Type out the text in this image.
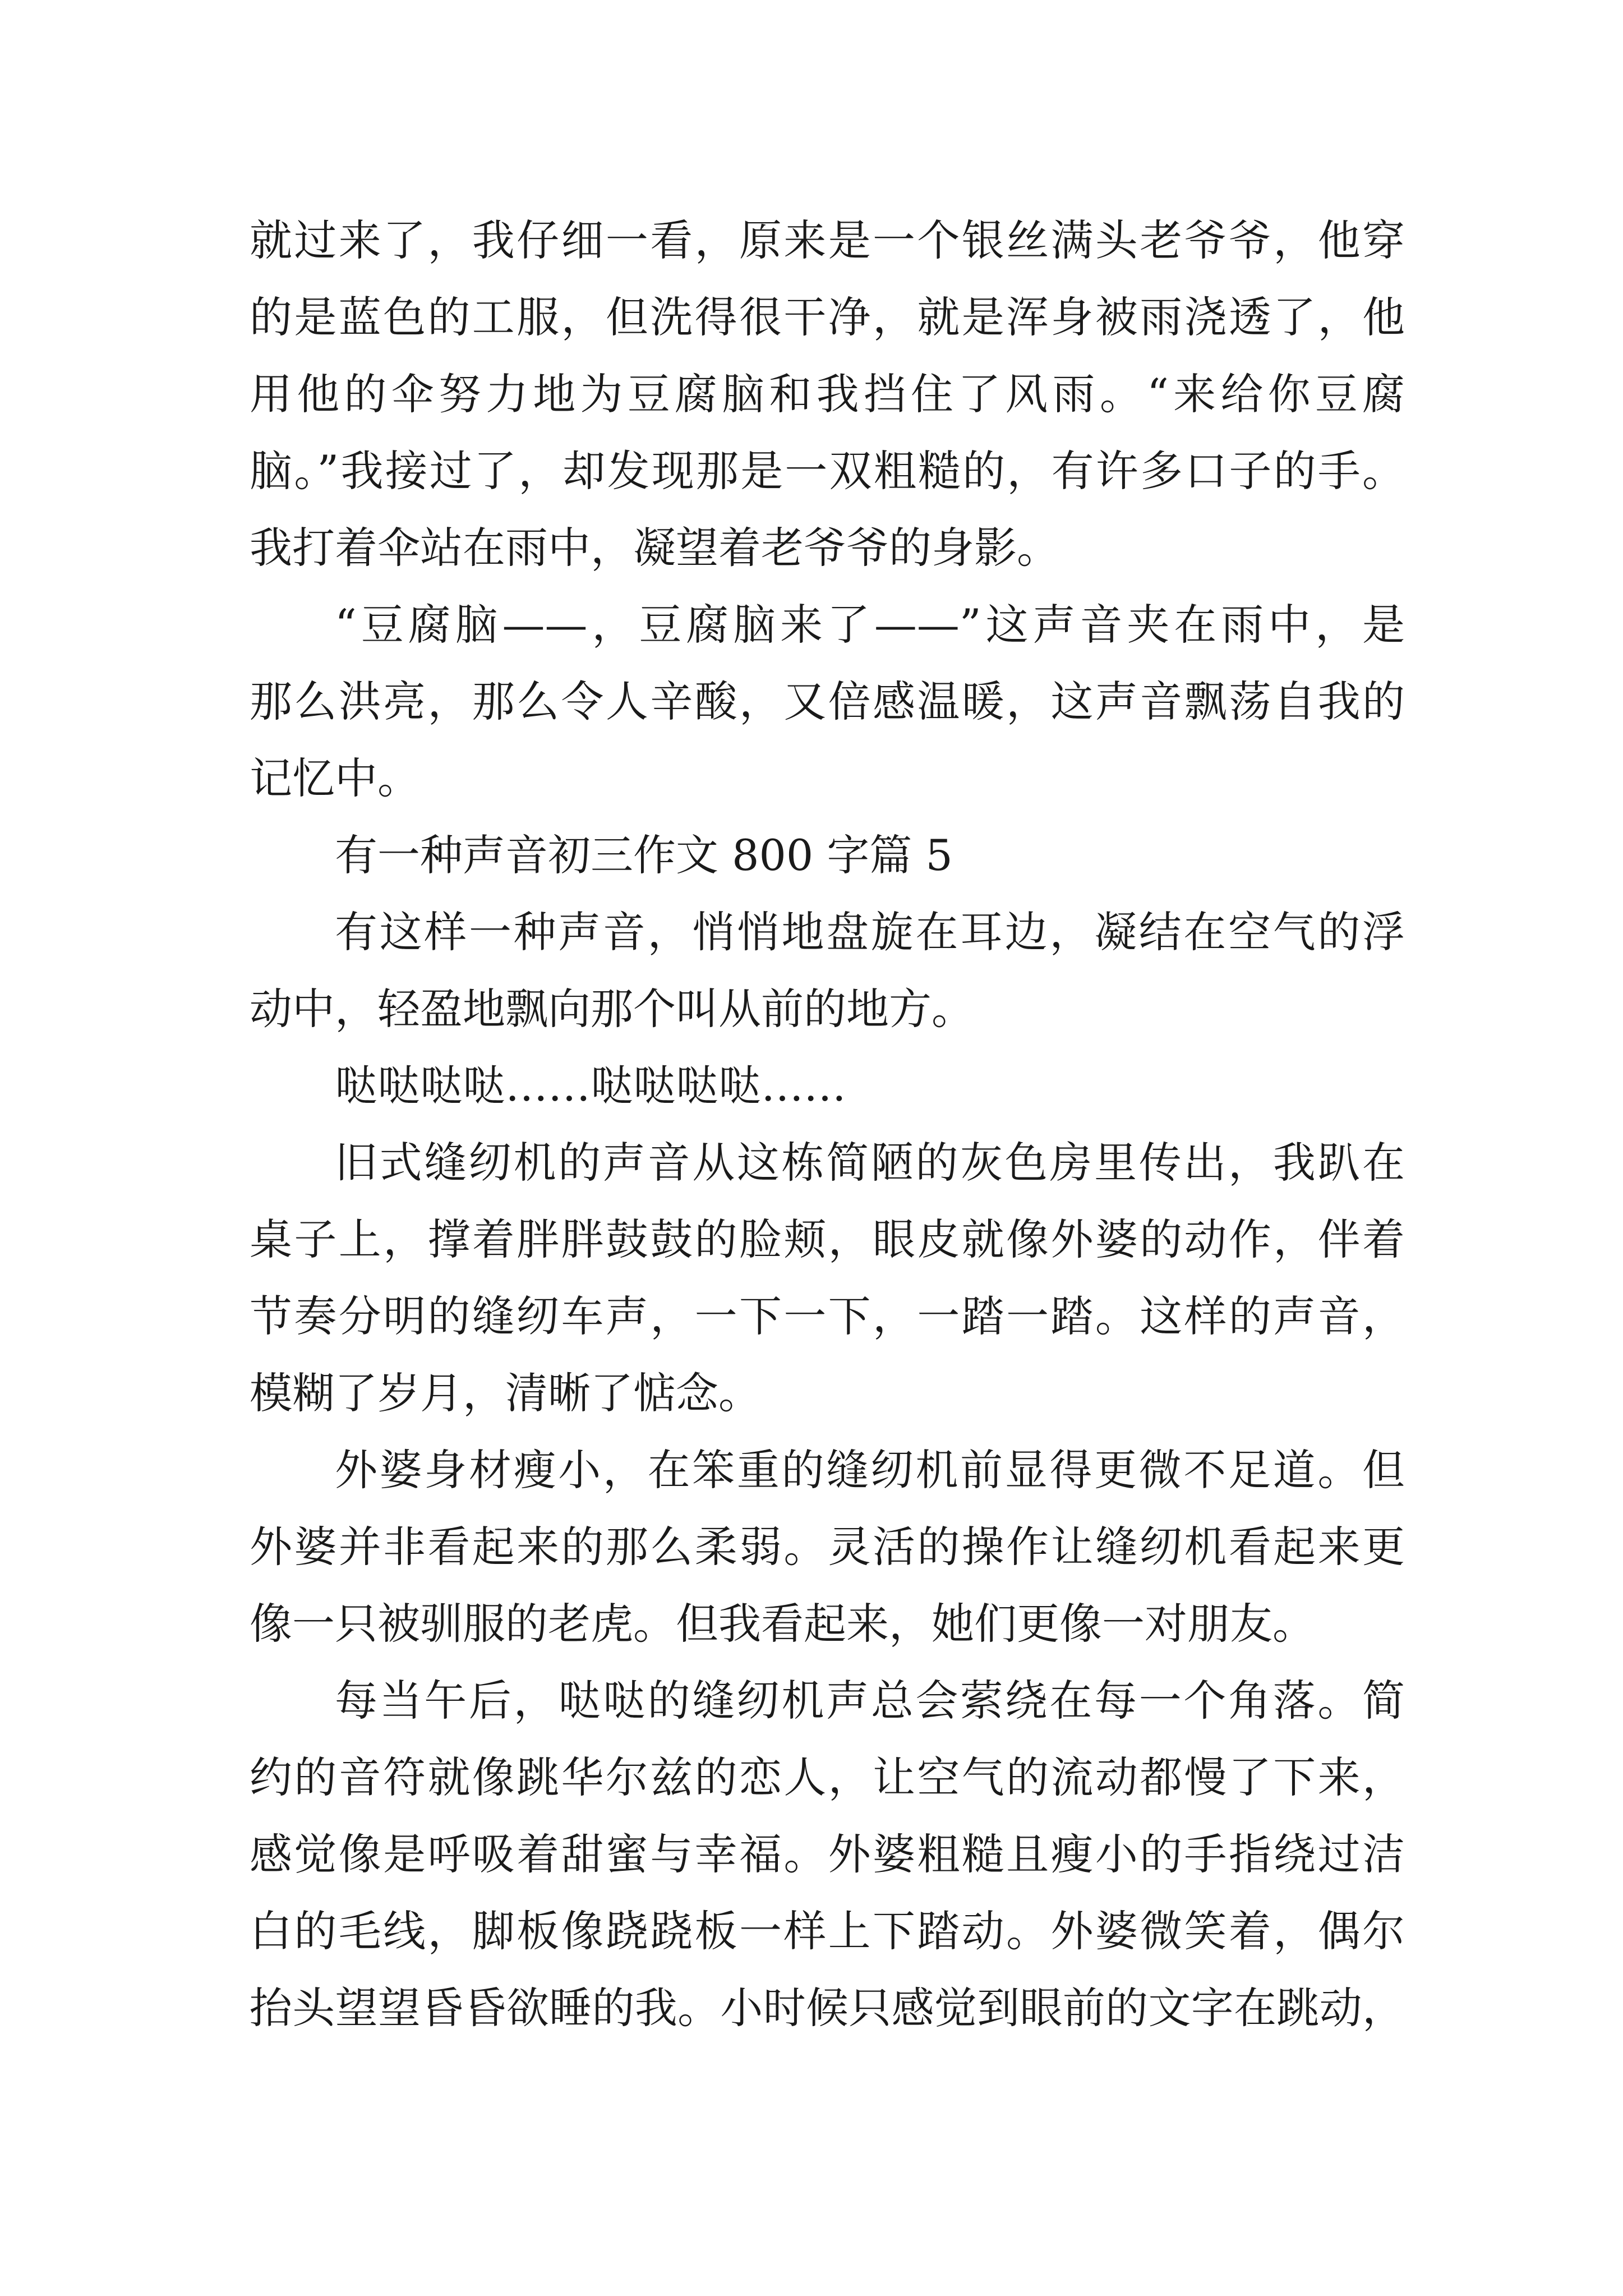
就过来了，我仔细一看，原来是一个银丝满头老爷爷，他穿
的是蓝色的工服，但洗得很干净，就是浑身被雨浇透了，他
用他的伞努力地为豆腐脑和我挡住了风雨。“来给你豆腐
脑。”我接过了，却发现那是一双粗糙的，有许多口子的手。
我打着伞站在雨中，凝望着老爷爷的身影。
“豆腐脑——，豆腐脑来了——”这声音夹在雨中，是
那么洪亮，那么令人辛酸，又倍感温暖，这声音飘荡自我的
记忆中。
有一种声音初三作文 800 字篇 5
有这样一种声音，悄悄地盘旋在耳边，凝结在空气的浮
动中，轻盈地飘向那个叫从前的地方。
哒哒哒哒……哒哒哒哒……
旧式缝纫机的声音从这栋简陋的灰色房里传出，我趴在
桌子上，撑着胖胖鼓鼓的脸颊，眼皮就像外婆的动作，伴着
节奏分明的缝纫车声，一下一下，一踏一踏。这样的声音，
模糊了岁月，清晰了惦念。
外婆身材瘦小，在笨重的缝纫机前显得更微不足道。但
外婆并非看起来的那么柔弱。灵活的操作让缝纫机看起来更
像一只被驯服的老虎。但我看起来，她们更像一对朋友。
每当午后，哒哒的缝纫机声总会萦绕在每一个角落。简
约的音符就像跳华尔兹的恋人，让空气的流动都慢了下来，
感觉像是呼吸着甜蜜与幸福。外婆粗糙且瘦小的手指绕过洁
白的毛线，脚板像跷跷板一样上下踏动。外婆微笑着，偶尔
抬头望望昏昏欲睡的我。小时候只感觉到眼前的文字在跳动，
